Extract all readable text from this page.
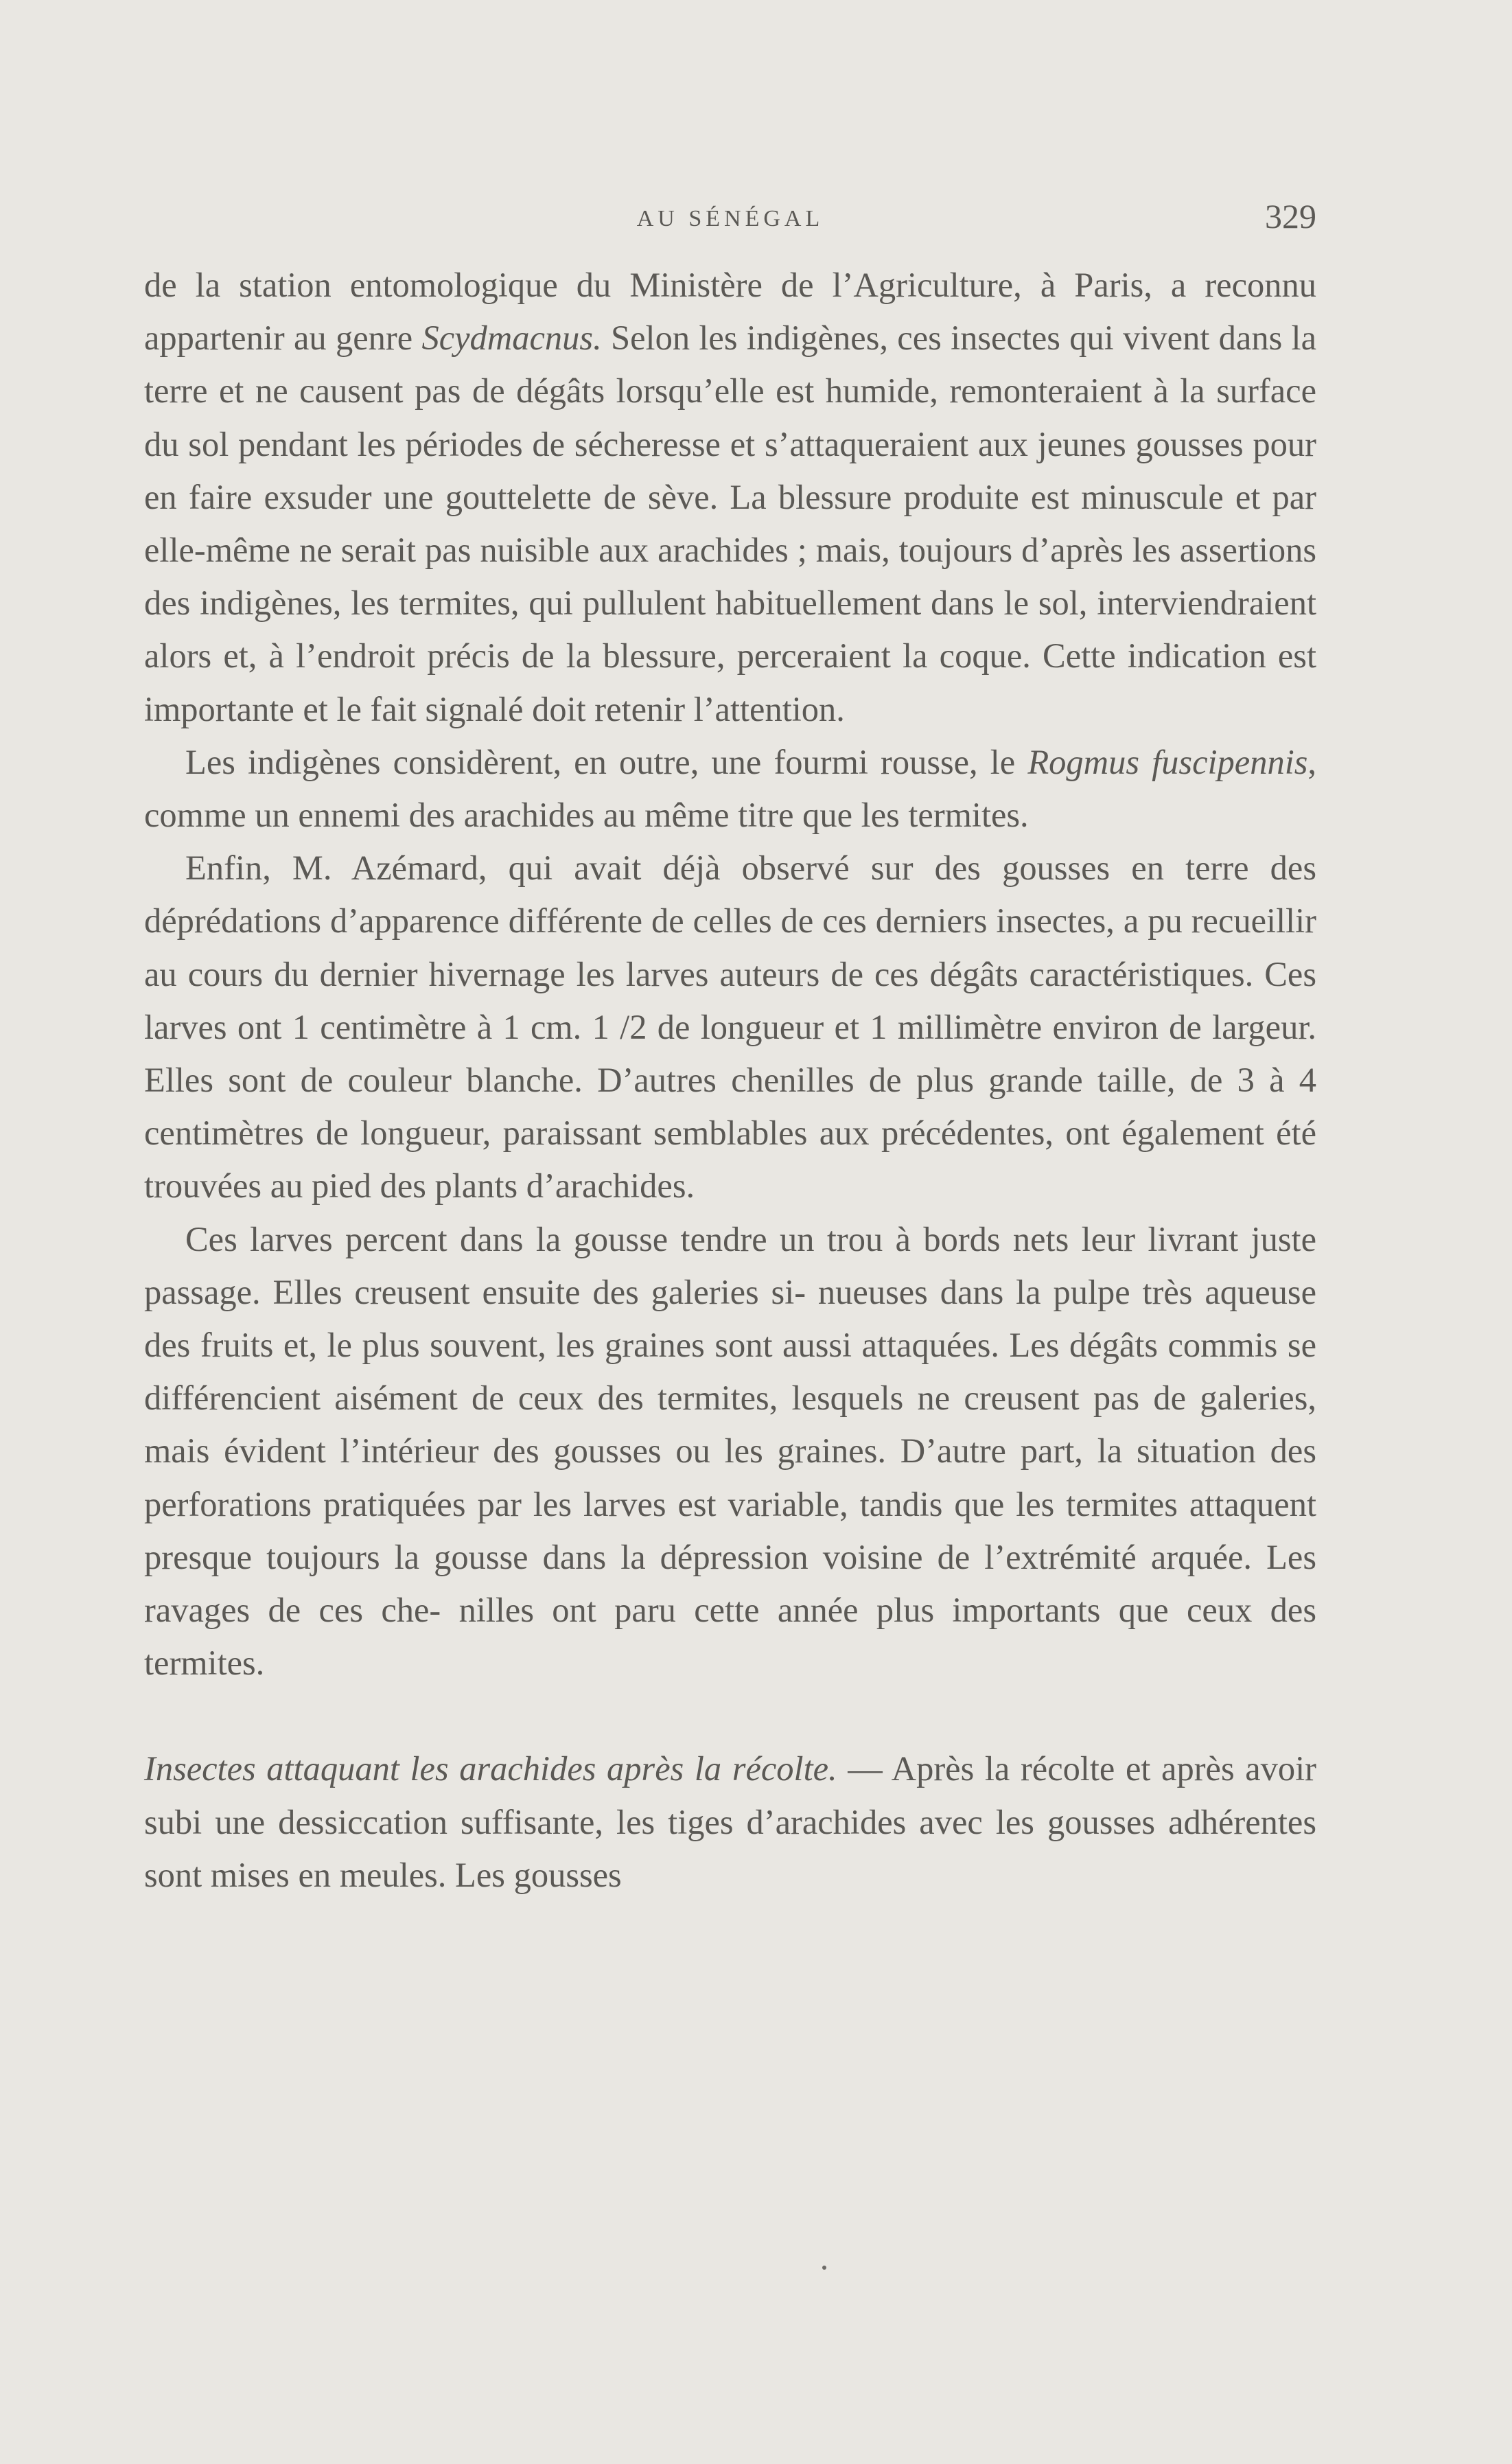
AU SÉNÉGAL	329

de la station entomologique du Ministère de l’Agriculture, à Paris, a reconnu appartenir au genre Scydmacnus. Selon les indigènes, ces insectes qui vivent dans la terre et ne causent pas de dégâts lorsqu’elle est humide, remonteraient à la surface du sol pendant les périodes de sécheresse et s’attaqueraient aux jeunes gousses pour en faire exsuder une gouttelette de sève. La blessure produite est minuscule et par elle-même ne serait pas nuisible aux arachides ; mais, toujours d’après les assertions des indigènes, les termites, qui pullulent habituellement dans le sol, interviendraient alors et, à l’endroit précis de la blessure, perceraient la coque. Cette indication est importante et le fait signalé doit retenir l’attention.

Les indigènes considèrent, en outre, une fourmi rousse, le Rogmus fuscipennis, comme un ennemi des arachides au même titre que les termites.

Enfin, M. Azémard, qui avait déjà observé sur des gousses en terre des déprédations d’apparence différente de celles de ces derniers insectes, a pu recueillir au cours du dernier hivernage les larves auteurs de ces dégâts caractéristiques. Ces larves ont 1 centimètre à 1 cm. 1 /2 de longueur et 1 millimètre environ de largeur. Elles sont de couleur blanche. D’autres chenilles de plus grande taille, de 3 à 4 centimètres de longueur, paraissant semblables aux précédentes, ont également été trouvées au pied des plants d’arachides.

Ces larves percent dans la gousse tendre un trou à bords nets leur livrant juste passage. Elles creusent ensuite des galeries si- nueuses dans la pulpe très aqueuse des fruits et, le plus souvent, les graines sont aussi attaquées. Les dégâts commis se différencient aisément de ceux des termites, lesquels ne creusent pas de galeries, mais évident l’intérieur des gousses ou les graines. D’autre part, la situation des perforations pratiquées par les larves est variable, tandis que les termites attaquent presque toujours la gousse dans la dépression voisine de l’extrémité arquée. Les ravages de ces che- nilles ont paru cette année plus importants que ceux des termites.

Insectes attaquant les arachides après la récolte. — Après la récolte et après avoir subi une dessiccation suffisante, les tiges d’arachides avec les gousses adhérentes sont mises en meules. Les gousses
